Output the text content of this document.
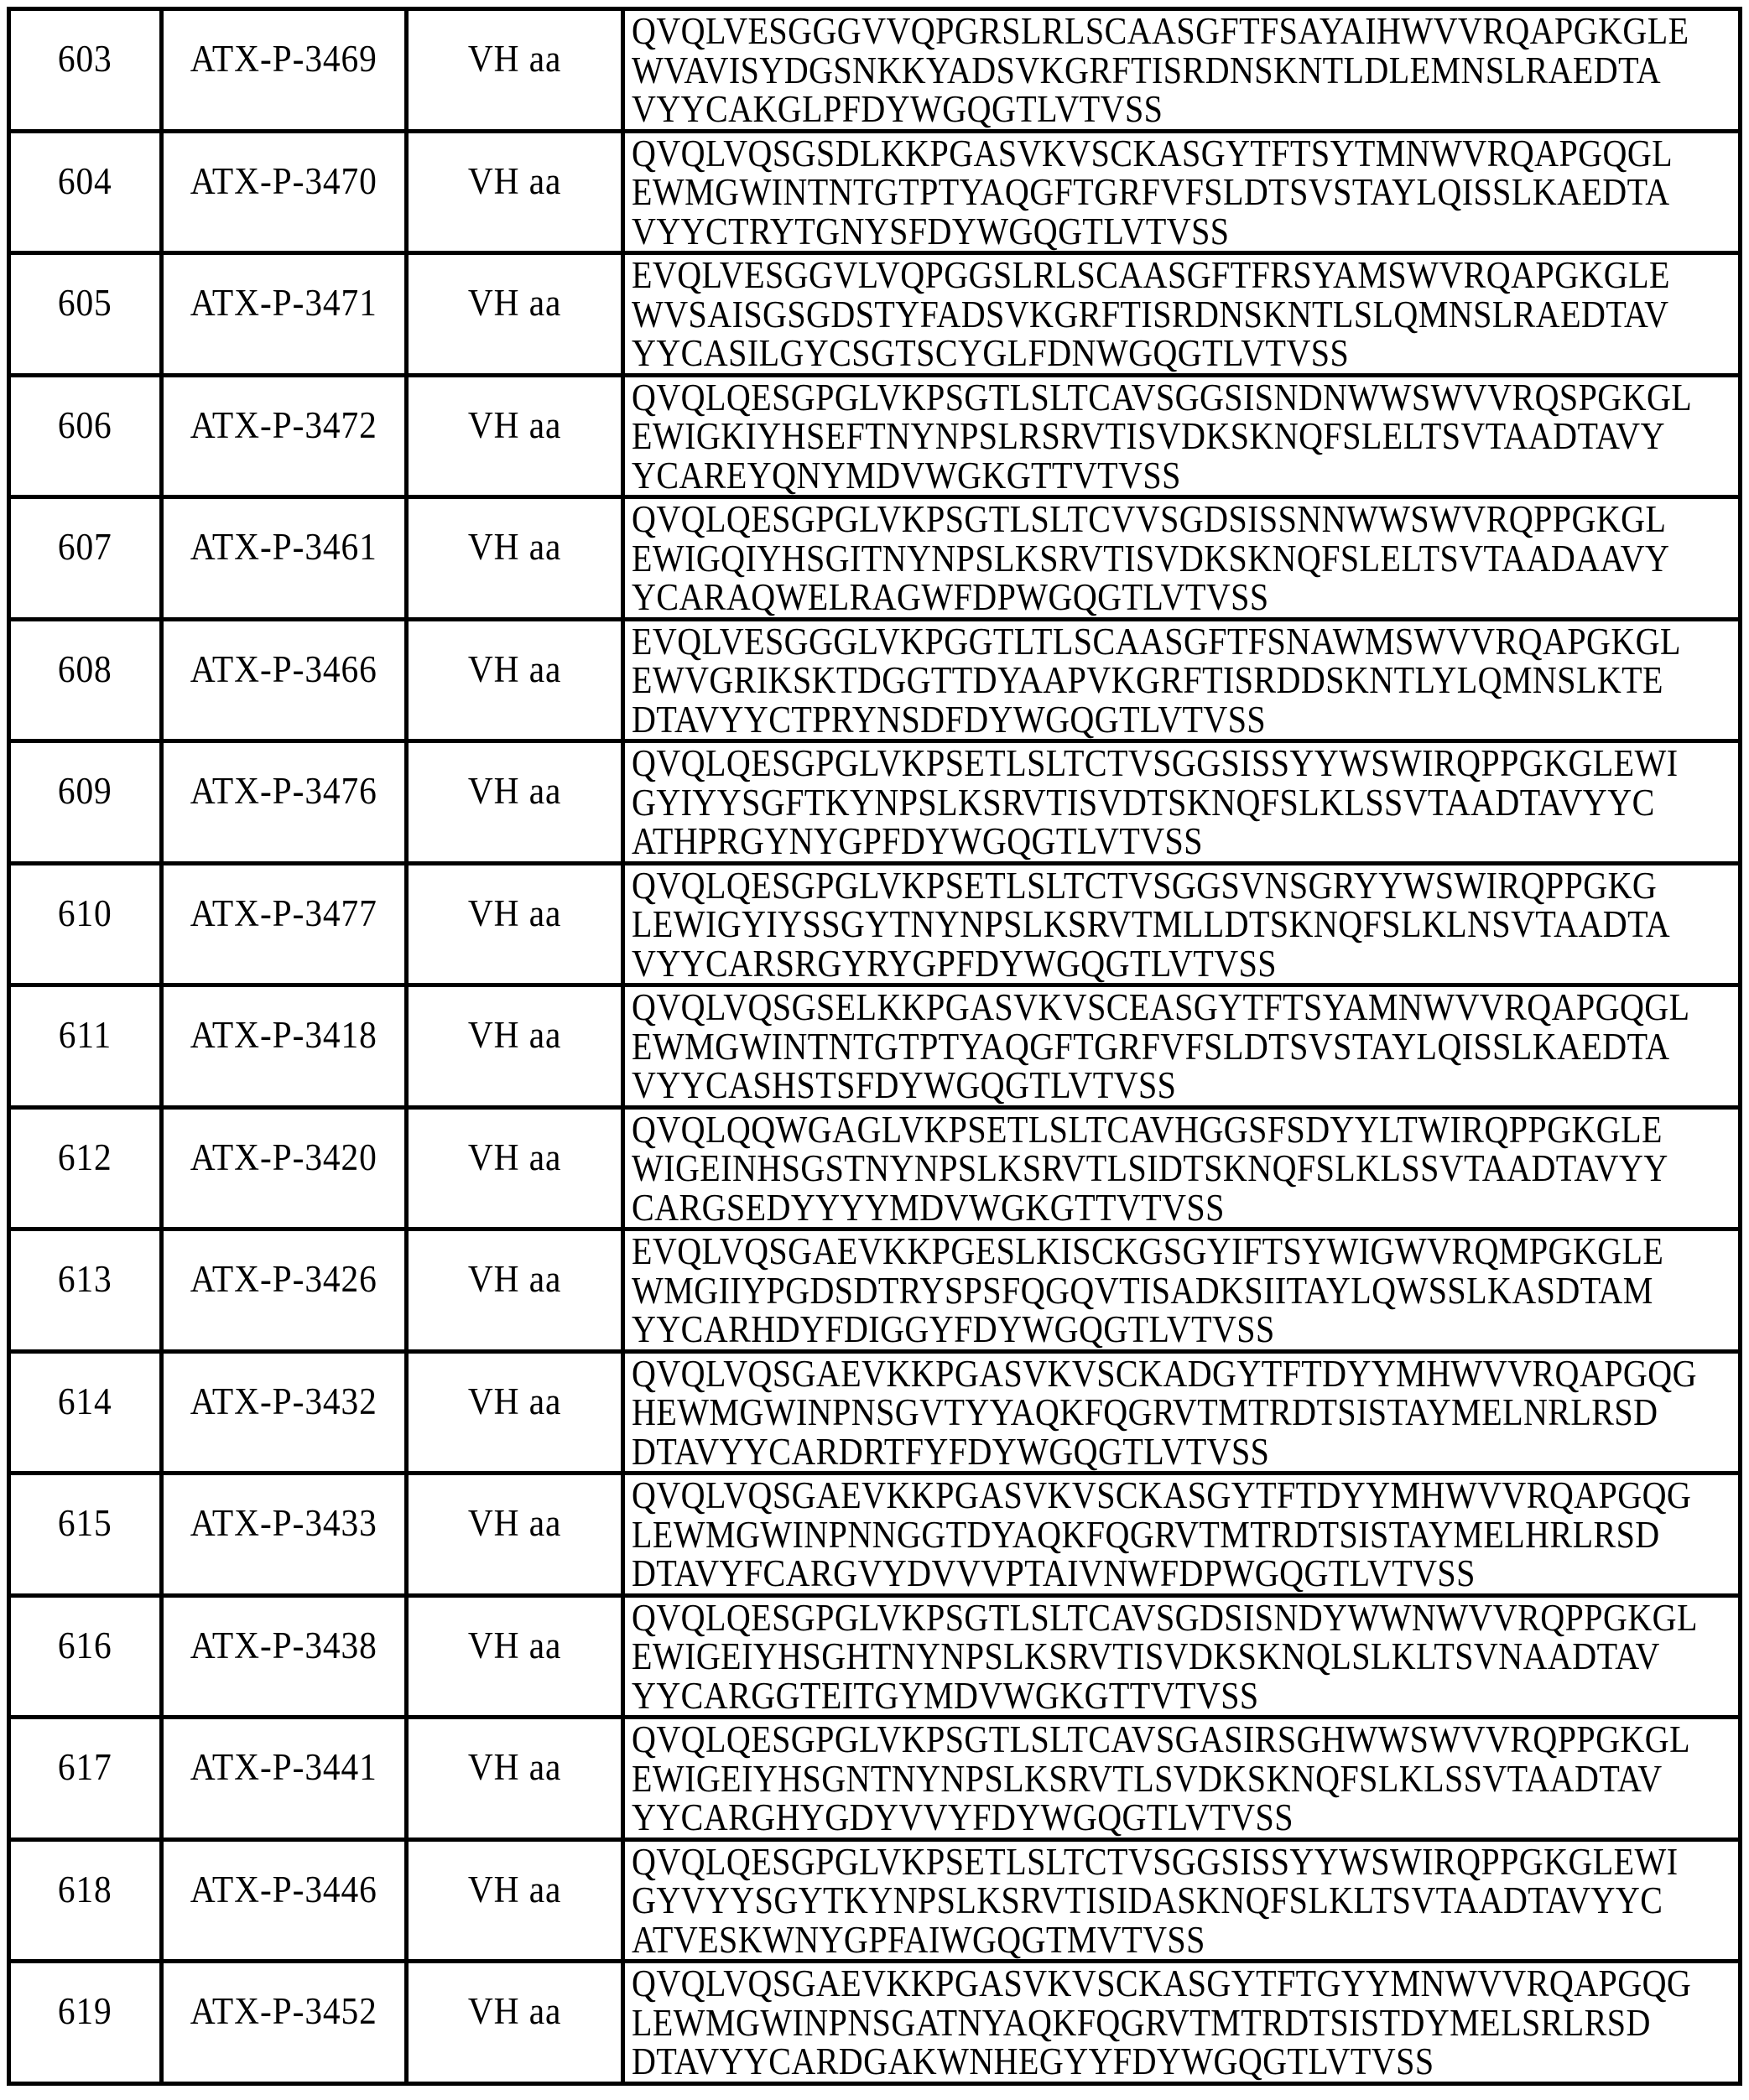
603	ATX-P-3469	VH aa	QVQLVESGGGVVQPGRSLRLSCAASGFTFSAYAIHWVVRQAPGKGLE
WVAVISYDGSNKKYADSVKGRFTISRDNSKNTLDLEMNSLRAEDTA
VYYCAKGLPFDYWGQGTLVTVSS

604	ATX-P-3470	VH aa	QVQLVQSGSDLKKPGASVKVSCKASGYTFTSYTMNWVRQAPGQGL
EWMGWINTNTGTPTYAQGFTGRFVFSLDTSVSTAYLQISSLKAEDTA
VYYCTRYTGNYSFDYWGQGTLVTVSS

605	ATX-P-3471	VH aa	EVQLVESGGVLVQPGGSLRLSCAASGFTFRSYAMSWVRQAPGKGLE
WVSAISGSGDSTYFADSVKGRFTISRDNSKNTLSLQMNSLRAEDTAV
YYCASILGYCSGTSCYGLFDNWGQGTLVTVSS

606	ATX-P-3472	VH aa	QVQLQESGPGLVKPSGTLSLTCAVSGGSISNDNWWSWVVRQSPGKGL
EWIGKIYHSEFTNYNPSLRSRVTISVDKSKNQFSLELTSVTAADTAVY
YCAREYQNYMDVWGKGTTVTVSS

607	ATX-P-3461	VH aa	QVQLQESGPGLVKPSGTLSLTCVVSGDSISSNNWWSWVRQPPGKGL
EWIGQIYHSGITNYNPSLKSRVTISVDKSKNQFSLELTSVTAADAAVY
YCARAQWELRAGWFDPWGQGTLVTVSS

608	ATX-P-3466	VH aa	EVQLVESGGGLVKPGGTLTLSCAASGFTFSNAWMSWVVRQAPGKGL
EWVGRIKSKTDGGTTDYAAPVKGRFTISRDDSKNTLYLQMNSLKTE
DTAVYYCTPRYNSDFDYWGQGTLVTVSS

609	ATX-P-3476	VH aa	QVQLQESGPGLVKPSETLSLTCTVSGGSISSYYWSWIRQPPGKGLEWI
GYIYYSGFTKYNPSLKSRVTISVDTSKNQFSLKLSSVTAADTAVYYC
ATHPRGYNYGPFDYWGQGTLVTVSS

610	ATX-P-3477	VH aa	QVQLQESGPGLVKPSETLSLTCTVSGGSVNSGRYYWSWIRQPPGKG
LEWIGYIYSSGYTNYNPSLKSRVTMLLDTSKNQFSLKLNSVTAADTA
VYYCARSRGYRYGPFDYWGQGTLVTVSS

611	ATX-P-3418	VH aa	QVQLVQSGSELKKPGASVKVSCEASGYTFTSYAMNWVVRQAPGQGL
EWMGWINTNTGTPTYAQGFTGRFVFSLDTSVSTAYLQISSLKAEDTA
VYYCASHSTSFDYWGQGTLVTVSS

612	ATX-P-3420	VH aa	QVQLQQWGAGLVKPSETLSLTCAVHGGSFSDYYLTWIRQPPGKGLE
WIGEINHSGSTNYNPSLKSRVTLSIDTSKNQFSLKLSSVTAADTAVYY
CARGSEDYYYYMDVWGKGTTVTVSS

613	ATX-P-3426	VH aa	EVQLVQSGAEVKKPGESLKISCKGSGYIFTSYWIGWVRQMPGKGLE
WMGIIYPGDSDTRYSPSFQGQVTISADKSIITAYLQWSSLKASDTAM
YYCARHDYFDIGGYFDYWGQGTLVTVSS

614	ATX-P-3432	VH aa	QVQLVQSGAEVKKPGASVKVSCKADGYTFTDYYMHWVVRQAPGQG
HEWMGWINPNSGVTYYAQKFQGRVTMTRDTSISTAYMELNRLRSD
DTAVYYCARDRTFYFDYWGQGTLVTVSS

615	ATX-P-3433	VH aa	QVQLVQSGAEVKKPGASVKVSCKASGYTFTDYYMHWVVRQAPGQG
LEWMGWINPNNGGTDYAQKFQGRVTMTRDTSISTAYMELHRLRSD
DTAVYFCARGVYDVVVPTAIVNWFDPWGQGTLVTVSS

616	ATX-P-3438	VH aa	QVQLQESGPGLVKPSGTLSLTCAVSGDSISNDYWWNWVVRQPPGKGL
EWIGEIYHSGHTNYNPSLKSRVTISVDKSKNQLSLKLTSVNAADTAV
YYCARGGTEITGYMDVWGKGTTVTVSS

617	ATX-P-3441	VH aa	QVQLQESGPGLVKPSGTLSLTCAVSGASIRSGHWWSWVVRQPPGKGL
EWIGEIYHSGNTNYNPSLKSRVTLSVDKSKNQFSLKLSSVTAADTAV
YYCARGHYGDYVVYFDYWGQGTLVTVSS

618	ATX-P-3446	VH aa	QVQLQESGPGLVKPSETLSLTCTVSGGSISSYYWSWIRQPPGKGLEWI
GYVYYSGYTKYNPSLKSRVTISIDASKNQFSLKLTSVTAADTAVYYC
ATVESKWNYGPFAIWGQGTMVTVSS

619	ATX-P-3452	VH aa	QVQLVQSGAEVKKPGASVKVSCKASGYTFTGYYMNWVVRQAPGQG
LEWMGWINPNSGATNYAQKFQGRVTMTRDTSISTDYMELSRLRSD
DTAVYYCARDGAKWNHEGYYFDYWGQGTLVTVSS
